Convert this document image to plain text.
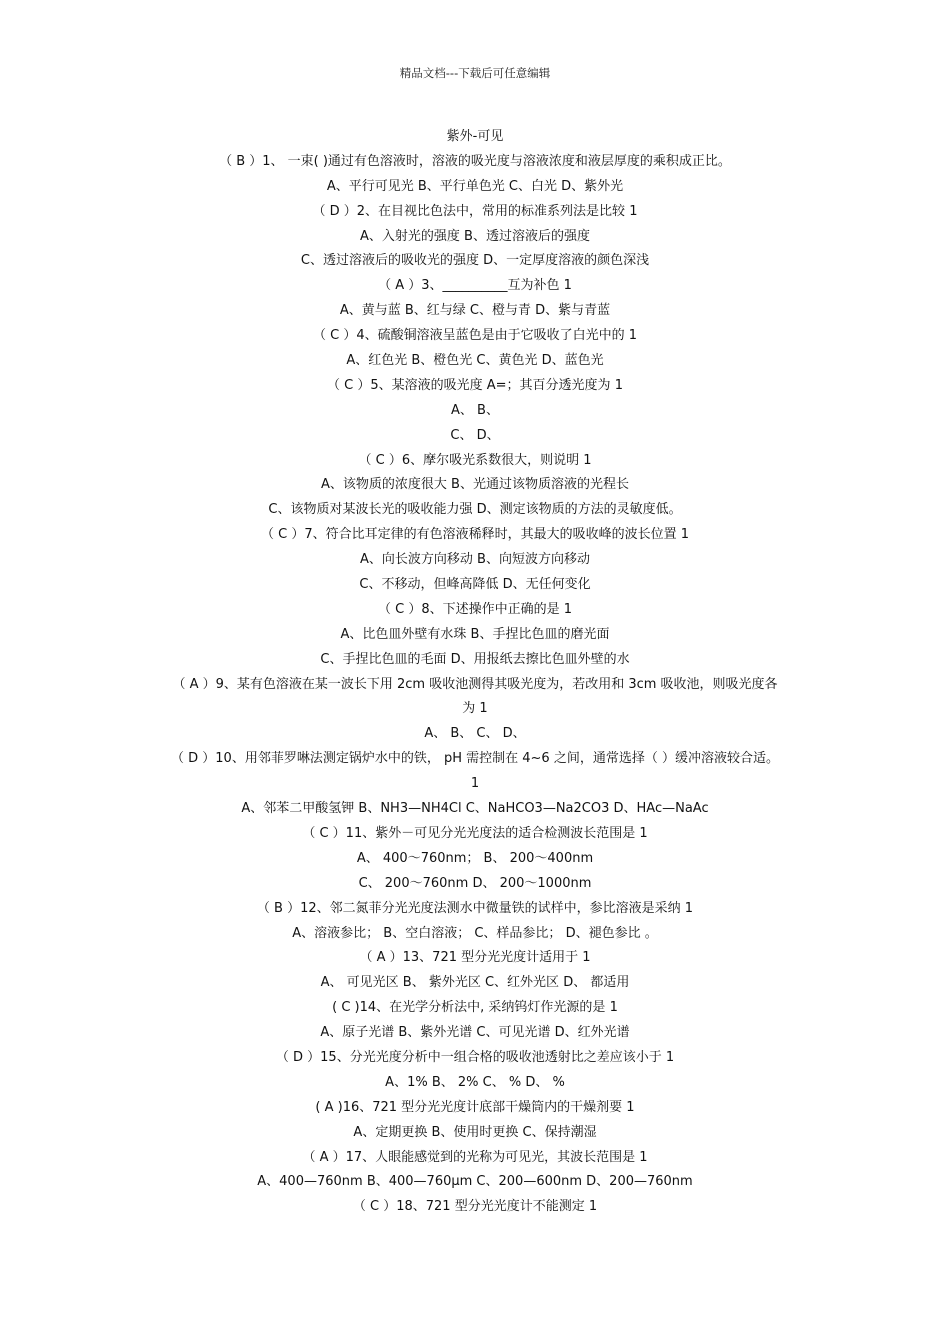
精品文档---下载后可任意编辑
紫外-可见
（ B ）1、 一束( )通过有色溶液时，溶液的吸光度与溶液浓度和液层厚度的乘积成正比。
A、平行可见光 B、平行单色光 C、白光 D、紫外光
（ D ）2、在目视比色法中，常用的标准系列法是比较 1
A、入射光的强度 B、透过溶液后的强度
C、透过溶液后的吸收光的强度 D、一定厚度溶液的颜色深浅
（ A ）3、__________互为补色 1
A、黄与蓝 B、红与绿 C、橙与青 D、紫与青蓝
（ C ）4、硫酸铜溶液呈蓝色是由于它吸收了白光中的 1
A、红色光 B、橙色光 C、黄色光 D、蓝色光
（ C ）5、某溶液的吸光度 A=；其百分透光度为 1
A、 B、
C、 D、
（ C ）6、摩尔吸光系数很大，则说明 1
A、该物质的浓度很大 B、光通过该物质溶液的光程长
C、该物质对某波长光的吸收能力强 D、测定该物质的方法的灵敏度低。
（ C ）7、符合比耳定律的有色溶液稀释时，其最大的吸收峰的波长位置 1
A、向长波方向移动 B、向短波方向移动
C、不移动，但峰高降低 D、无任何变化
（ C ）8、下述操作中正确的是 1
A、比色皿外壁有水珠 B、手捏比色皿的磨光面
C、手捏比色皿的毛面 D、用报纸去擦比色皿外壁的水
（ A ）9、某有色溶液在某一波长下用 2cm 吸收池测得其吸光度为，若改用和 3cm 吸收池，则吸光度各
为 1
A、 B、 C、 D、
（ D ）10、用邻菲罗啉法测定锅炉水中的铁， pH 需控制在 4~6 之间，通常选择（ ）缓冲溶液较合适。
1
A、邻苯二甲酸氢钾 B、NH3—NH4Cl C、NaHCO3—Na2CO3 D、HAc—NaAc
（ C ）11、紫外－可见分光光度法的适合检测波长范围是 1
A、 400～760nm； B、 200～400nm
C、 200～760nm D、 200～1000nm
（ B ）12、邻二氮菲分光光度法测水中微量铁的试样中，参比溶液是采纳 1
A、溶液参比； B、空白溶液； C、样品参比； D、褪色参比 。
（ A ）13、721 型分光光度计适用于 1
A、 可见光区 B、 紫外光区 C、红外光区 D、 都适用
( C )14、在光学分析法中, 采纳钨灯作光源的是 1
A、原子光谱 B、紫外光谱 C、可见光谱 D、红外光谱
（ D ）15、分光光度分析中一组合格的吸收池透射比之差应该小于 1
A、1% B、 2% C、 % D、 %
( A )16、721 型分光光度计底部干燥筒内的干燥剂要 1
A、定期更换 B、使用时更换 C、保持潮湿
（ A ）17、人眼能感觉到的光称为可见光，其波长范围是 1
A、400—760nm B、400—760μm C、200—600nm D、200—760nm
（ C ）18、721 型分光光度计不能测定 1
